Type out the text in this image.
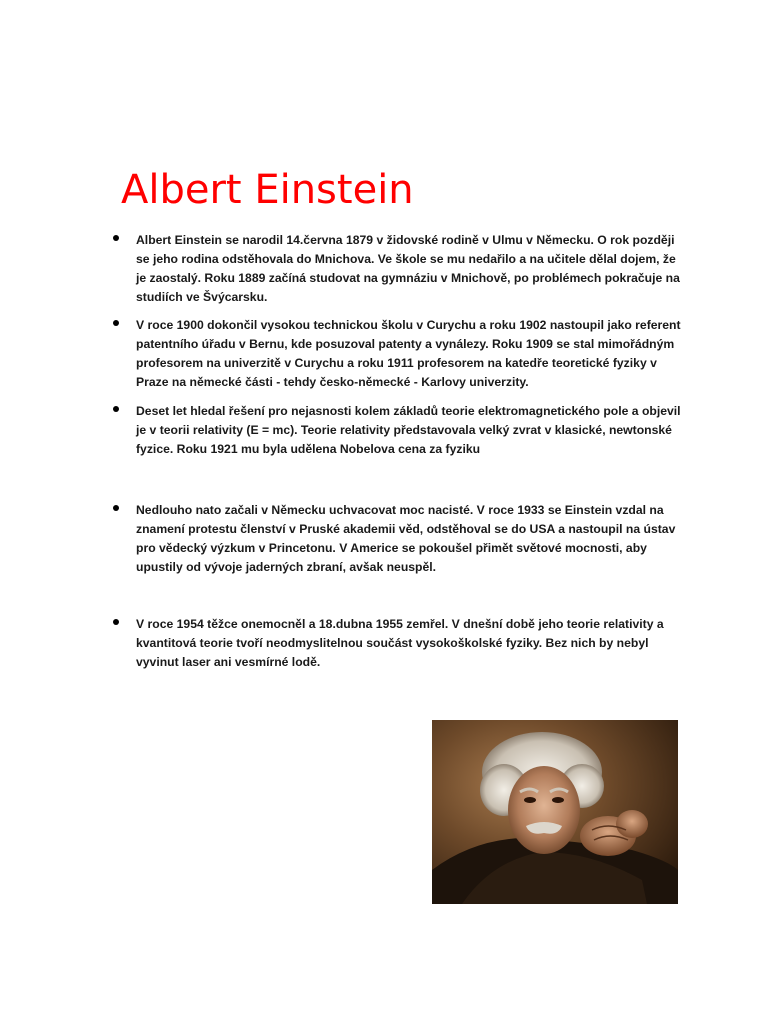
Albert Einstein
Albert Einstein se narodil 14.června 1879 v židovské rodině v Ulmu v Německu. O rok později se jeho rodina odstěhovala do Mnichova. Ve škole se mu nedařilo a na učitele dělal dojem, že je zaostalý. Roku 1889 začíná studovat na gymnáziu v Mnichově, po problémech pokračuje na studiích ve Švýcarsku.
V roce 1900 dokončil vysokou technickou školu v Curychu a roku 1902 nastoupil jako referent patentního úřadu v Bernu, kde posuzoval patenty a vynálezy. Roku 1909 se stal mimořádným profesorem na univerzitě v Curychu a roku 1911 profesorem na katedře teoretické fyziky v Praze na německé části - tehdy česko-německé - Karlovy univerzity.
Deset let hledal řešení pro nejasnosti kolem základů teorie elektromagnetického pole a objevil je v teorii relativity (E = mc). Teorie relativity představovala velký zvrat v klasické, newtonské fyzice. Roku 1921 mu byla udělena Nobelova cena za fyziku
Nedlouho nato začali v Německu uchvacovat moc nacisté. V roce 1933 se Einstein vzdal na znamení protestu členství v Pruské akademii věd, odstěhoval se do USA a nastoupil na ústav pro vědecký výzkum v Princetonu. V Americe se pokoušel přimět světové mocnosti, aby upustily od vývoje jaderných zbraní, avšak neuspěl.
V roce 1954 těžce onemocněl a 18.dubna 1955 zemřel. V dnešní době jeho teorie relativity a kvantitová teorie tvoří neodmyslitelnou součást vysokoškolské fyziky. Bez nich by nebyl vyvinut laser ani vesmírné lodě.
